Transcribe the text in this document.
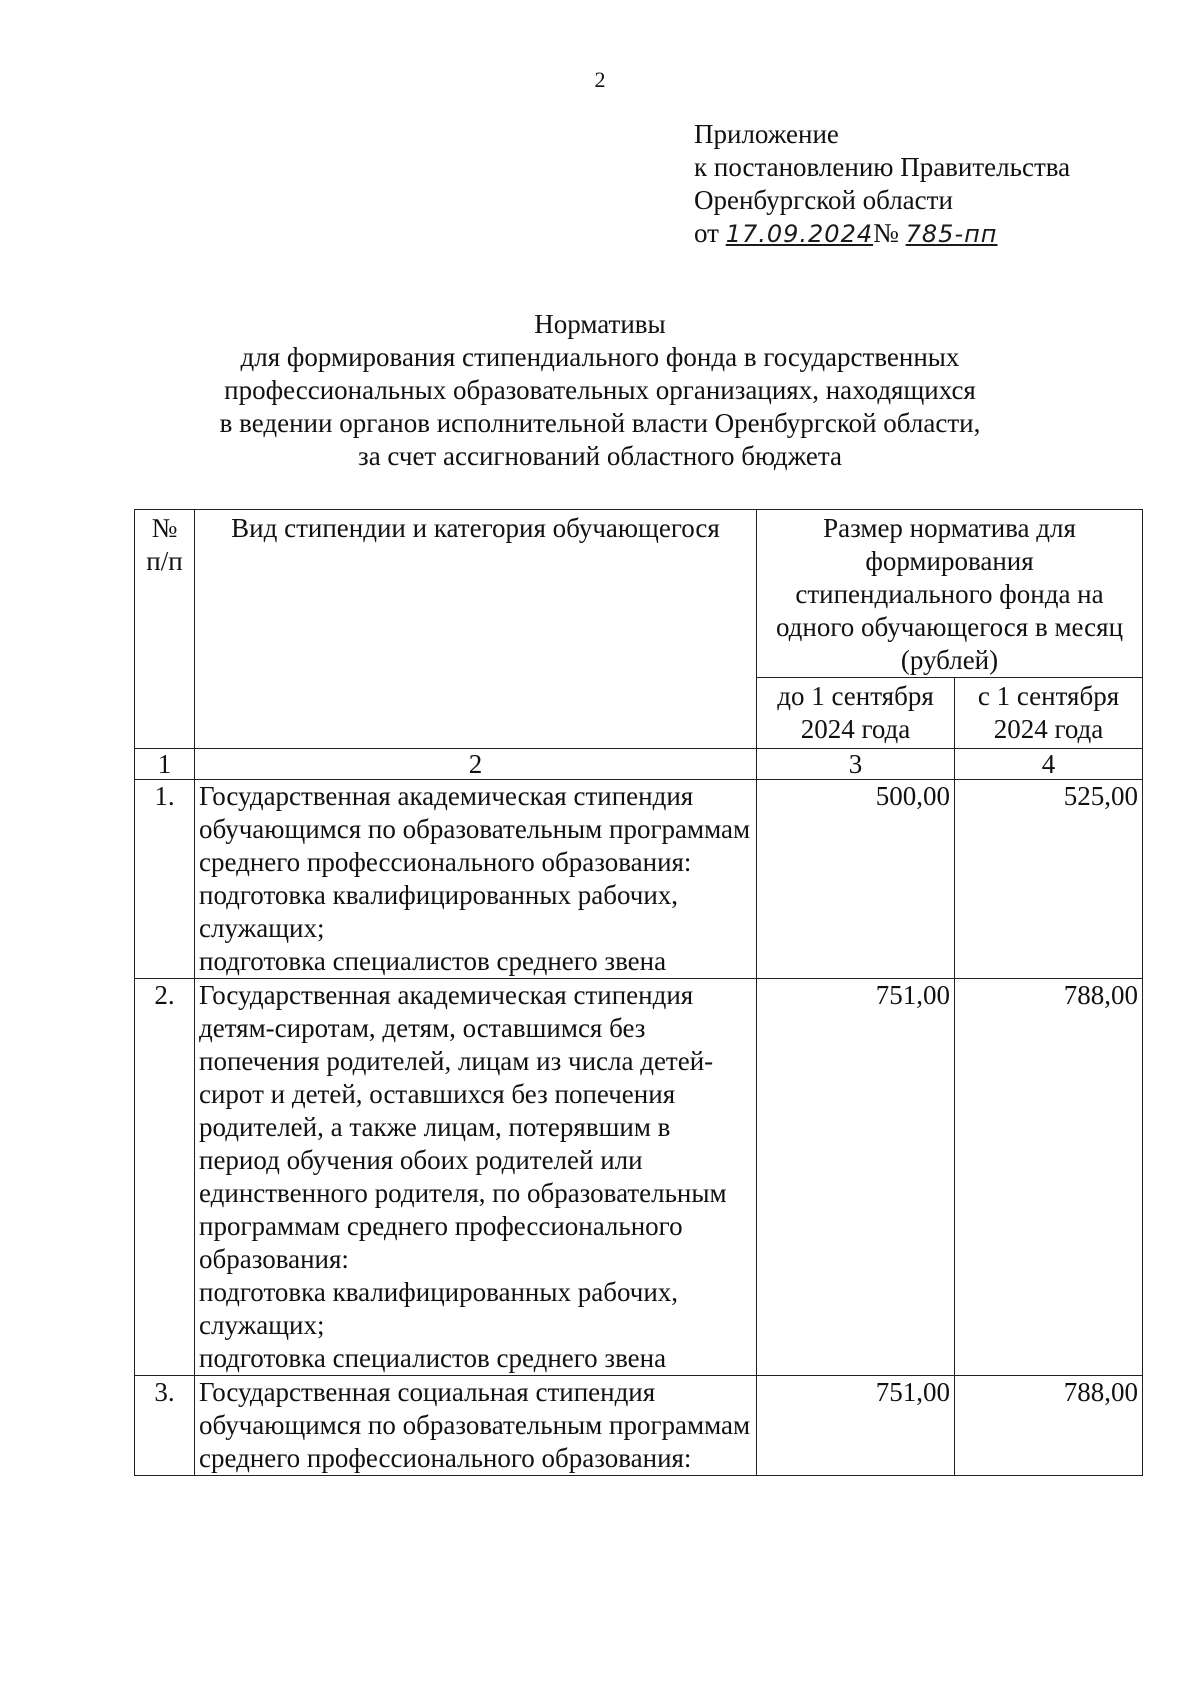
2
Приложение
к постановлению Правительства
Оренбургской области
от 17.09.2024№ 785-пп
Нормативы
для формирования стипендиального фонда в государственных
профессиональных образовательных организациях, находящихся
в ведении органов исполнительной власти Оренбургской области,
за счет ассигнований областного бюджета
№ п/п	Вид стипендии и категория обучающегося	Размер норматива для формирования стипендиального фонда на одного обучающегося в месяц (рублей)	
		до 1 сентября 2024 года	с 1 сентября 2024 года
1	2	3	4
1.	Государственная академическая стипендия обучающимся по образовательным программам среднего профессионального образования:
подготовка квалифицированных рабочих, служащих;
подготовка специалистов среднего звена	500,00	525,00
2.	Государственная академическая стипендия детям-сиротам, детям, оставшимся без попечения родителей, лицам из числа детей-сирот и детей, оставшихся без попечения родителей, а также лицам, потерявшим в период обучения обоих родителей или единственного родителя, по образовательным программам среднего профессионального образования:
подготовка квалифицированных рабочих, служащих;
подготовка специалистов среднего звена	751,00	788,00
3.	Государственная социальная стипендия обучающимся по образовательным программам среднего профессионального образования:	751,00	788,00
